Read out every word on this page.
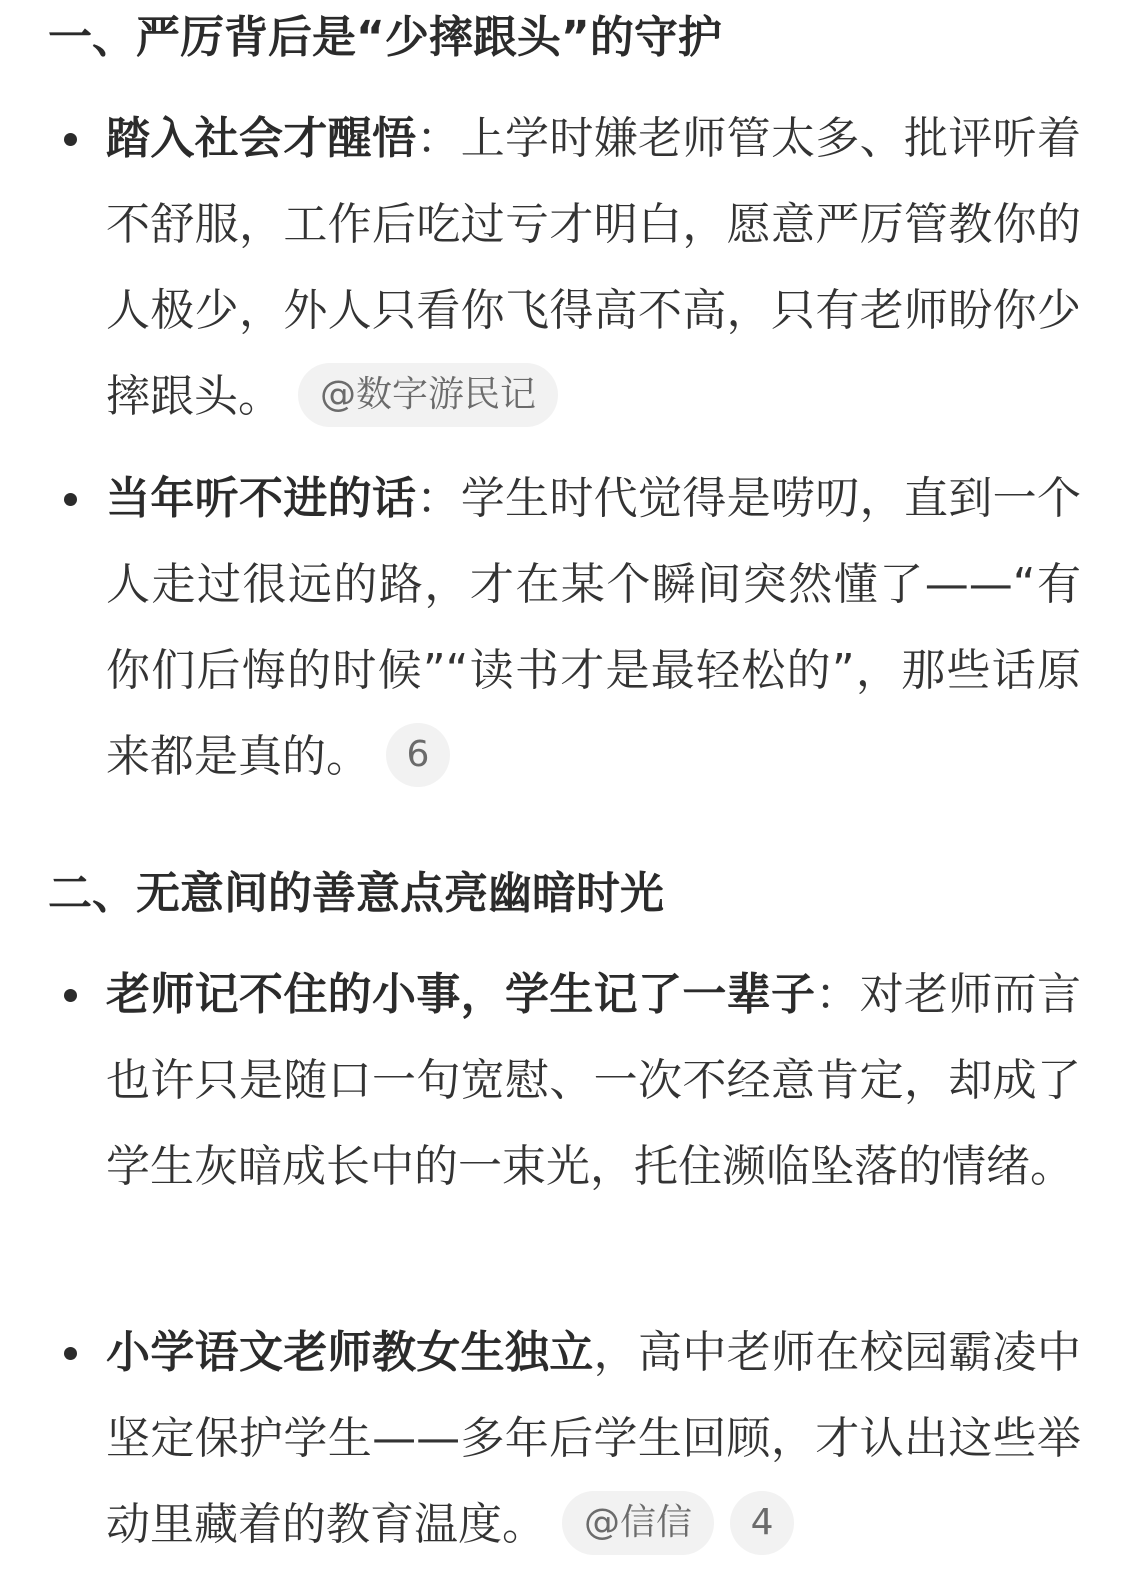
一、严厉背后是“少摔跟头”的守护

踏入社会才醒悟：上学时嫌老师管太多、批评听着不舒服，工作后吃过亏才明白，愿意严厉管教你的人极少，外人只看你飞得高不高，只有老师盼你少摔跟头。 @数字游民记

当年听不进的话：学生时代觉得是唠叨，直到一个人走过很远的路，才在某个瞬间突然懂了——“有你们后悔的时候”“读书才是最轻松的”，那些话原来都是真的。 6

二、无意间的善意点亮幽暗时光

老师记不住的小事，学生记了一辈子：对老师而言也许只是随口一句宽慰、一次不经意肯定，却成了学生灰暗成长中的一束光，托住濒临坠落的情绪。

小学语文老师教女生独立，高中老师在校园霸凌中坚定保护学生——多年后学生回顾，才认出这些举动里藏着的教育温度。 @信信 4
